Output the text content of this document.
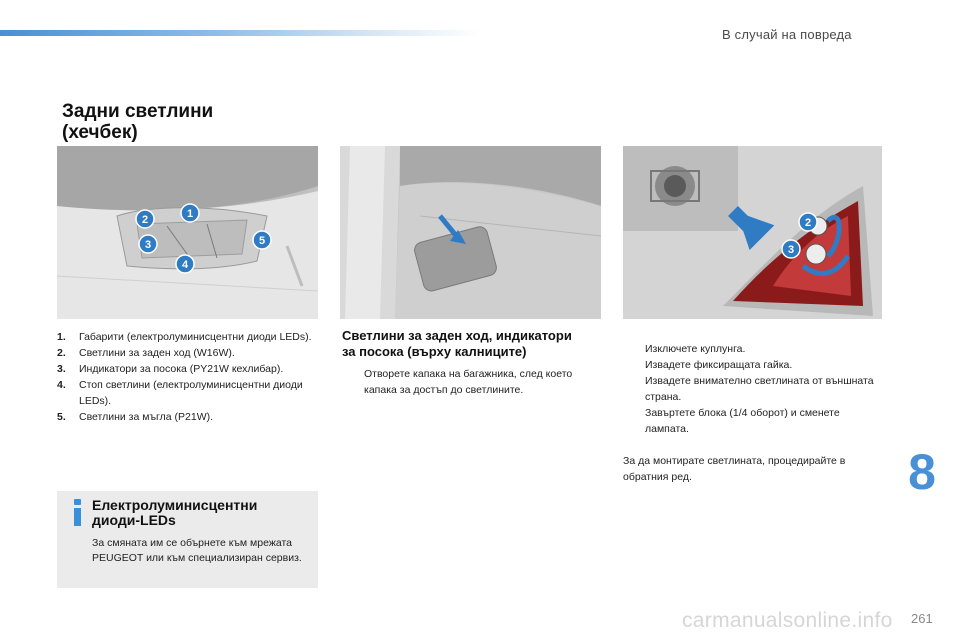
В случай на повреда
Задни светлини
(хечбек)
1
2
3
4
5
2
3
1. Габарити (електролуминисцентни диоди LEDs).
2. Светлини за заден ход (W16W).
3. Индикатори за посока (PY21W кехлибар).
4. Стоп светлини (електролуминисцентни диоди LEDs).
5. Светлини за мъгла (P21W).
Светлини за заден ход, индикатори
за посока (върху калниците)
Отворете капака на багажника, след което капака за достъп до светлините.
Изключете куплунга.
Извадете фиксиращата гайка.
Извадете внимателно светлината от външната страна.
Завъртете блока (1/4 оборот) и сменете лампата.
За да монтирате светлината, процедирайте в обратния ред.
Електролуминисцентни
диоди-LEDs
За смяната им се обърнете към мрежата PEUGEOT или към специализиран сервиз.
8
carmanualsonline.info 261
